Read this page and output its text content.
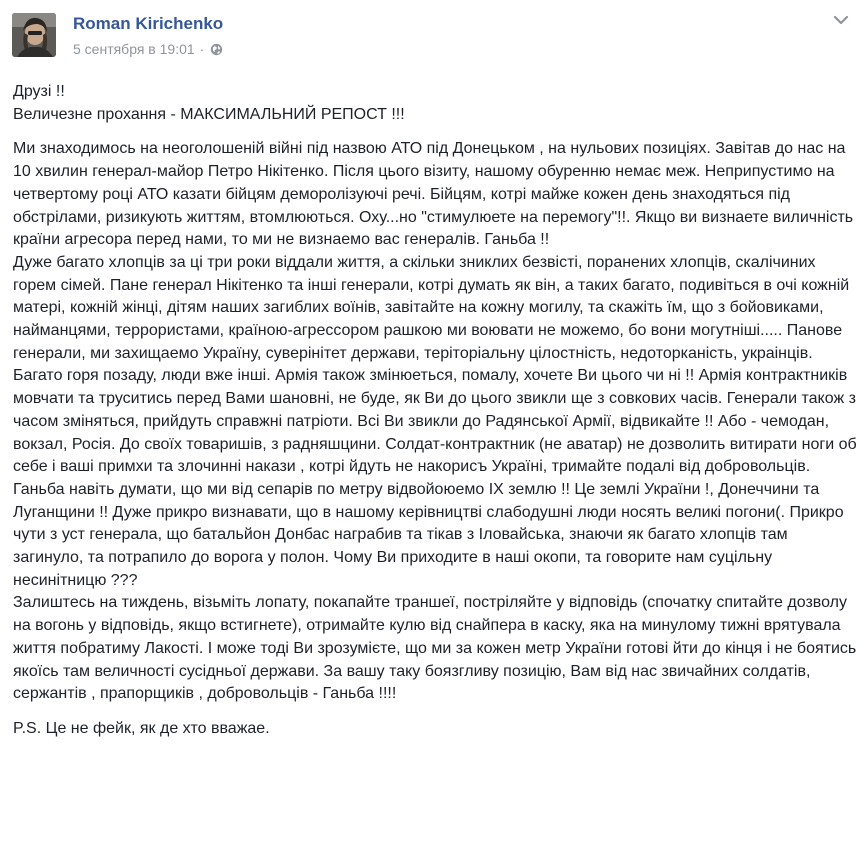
Roman Kirichenko
5 сентября в 19:01 ·

Друзі !!
Величезне прохання - МАКСИМАЛЬНИЙ РЕПОСТ !!!

Ми знаходимось на неоголошеній війні під назвою АТО під Донецьком , на нульових позиціях. Завітав до нас на 10 хвилин генерал-майор Петро Нікітенко. Після цього візиту, нашому обуренню немає меж. Неприпустимо на четвертому році АТО казати бійцям деморолізуючі речі. Бійцям, котрі майже кожен день знаходяться під обстрілами, ризикують життям, втомлюються. Оху...но "стимулюете на перемогу"!!. Якщо ви визнаете виличність країни агресора перед нами, то ми не визнаемо вас генералів. Ганьба !!
Дуже багато хлопців за ці три роки віддали життя, а скільки зниклих безвісті, поранених хлопців, скалічиних горем сімей. Пане генерал Нікітенко та інші генерали, котрі думать як він, а таких багато, подивіться в очі кожній матері, кожній жінці, дітям наших загиблих воїнів, завітайте на кожну могилу, та скажіть їм, що з бойовиками, найманцями, террористами, країною-агрессором рашкою ми воювати не можемо, бо вони могутніші..... Панове генерали, ми захищаемо Україну, суверінітет держави, теріторіальну цілостність, недоторканість, украінців. Багато горя позаду, люди вже інші. Армія також змінюеться, помалу, хочете Ви цього чи ні !! Армія контрактників мовчати та труситись перед Вами шановні, не буде, як Ви до цього звикли ще з совкових часів. Генерали також з часом зміняться, прийдуть справжні патріоти. Всі Ви звикли до Радянської Армії, відвикайте !! Або - чемодан, вокзал, Росія. До своїх товаришів, з радняшцини. Солдат-контрактник (не аватар) не дозволить витирати ноги об себе і ваші примхи та злочинні накази , котрі йдуть не накорисъ Україні, тримайте подалі від добровольців. Ганьба навіть думати, що ми від сепарів по метру відвойоюемо ІХ землю !! Це землі України !, Донеччини та Луганщини !! Дуже прикро визнавати, що в нашому керівництві слабодушні люди носять великі погони(. Прикро чути з уст генерала, що батальйон Донбас награбив та тікав з Іловайська, знаючи як багато хлопців там загинуло, та потрапило до ворога у полон. Чому Ви приходите в наші окопи, та говорите нам суцільну несинітницю ???
Залиштесь на тиждень, візьміть лопату, покапайте траншеї, постріляйте у відповідь (спочатку спитайте дозволу на вогонь у відповідь, якщо встигнете), отримайте кулю від снайпера в каску, яка на минулому тижні врятувала життя побратиму Лакості. І може тоді Ви зрозумієте, що ми за кожен метр України готові йти до кінця і не боятись якоїсь там величності сусідньої держави. За вашу таку боязгливу позицію, Вам від нас звичайних солдатів, сержантів , прапорщиків , добровольців - Ганьба !!!!

P.S. Це не фейк, як де хто вважае.
